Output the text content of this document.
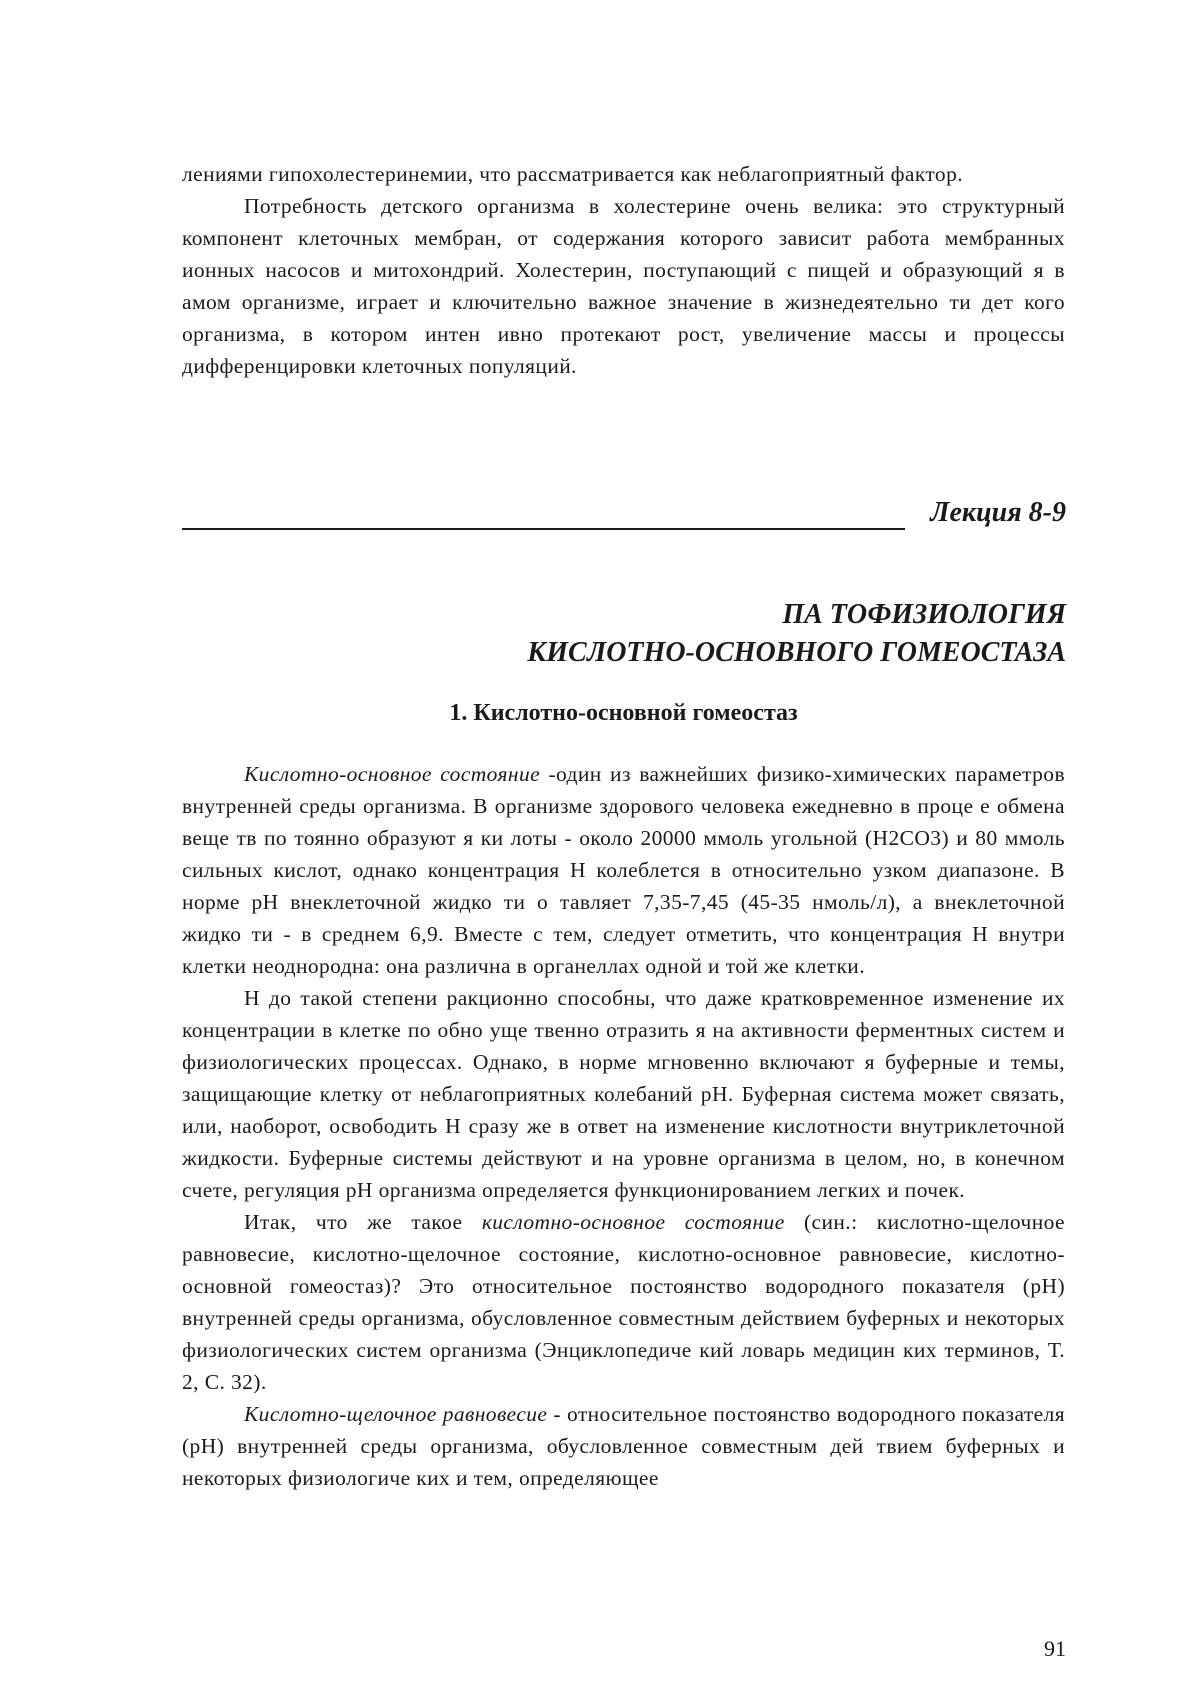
лениями гипохолестеринемии, что рассматривается как неблагоприятный фактор.

Потребность детского организма в холестерине очень велика: это структурный компонент клеточных мембран, от содержания которого зависит работа мембранных ионных насосов и митохондрий. Холестерин, поступающий с пищей и образующий я в амом организме, играет и ключительно важное значение в жизнедеятельно ти дет кого организма, в котором интен ивно протекают рост, увеличение массы и процессы дифференцировки клеточных популяций.

Лекция 8-9
ПА ТОФИЗИОЛОГИЯ
КИСЛОТНО-ОСНОВНОГО ГОМЕОСТАЗА
1. Кислотно-основной гомеостаз

Кислотно-основное состояние -один из важнейших физико-химических параметров внутренней среды организма. В организме здорового человека ежедневно в проце е обмена веще тв по тоянно образуют я ки лоты - около 20000 ммоль угольной (H2CO3) и 80 ммоль сильных кислот, однако концентрация H колеблется в относительно узком диапазоне. В норме pH внеклеточной жидко ти о тавляет 7,35-7,45 (45-35 нмоль/л), а внеклеточной жидко ти - в среднем 6,9. Вместе с тем, следует отметить, что концентрация H внутри клетки неоднородна: она различна в органеллах одной и той же клетки.

H до такой степени ракционно способны, что даже кратковременное изменение их концентрации в клетке по обно уще твенно отразить я на активности ферментных систем и физиологических процессах. Однако, в норме мгновенно включают я буферные и темы, защищающие клетку от неблагоприятных колебаний pH. Буферная система может связать, или, наоборот, освободить H сразу же в ответ на изменение кислотности внутриклеточной жидкости. Буферные системы действуют и на уровне организма в целом, но, в конечном счете, регуляция pH организма определяется функционированием легких и почек.

Итак, что же такое кислотно-основное состояние (син.: кислотно-щелочное равновесие, кислотно-щелочное состояние, кислотно-основное равновесие, кислотно-основной гомеостаз)? Это относительное постоянство водородного показателя (pH) внутренней среды организма, обусловленное совместным действием буферных и некоторых физиологических систем организма (Энциклопедиче кий ловарь медицин ких терминов, Т. 2, С. 32).

Кислотно-щелочное равновесие - относительное постоянство водородного показателя (pH) внутренней среды организма, обусловленное совместным дей твием буферных и некоторых физиологиче ких и тем, определяющее

91
